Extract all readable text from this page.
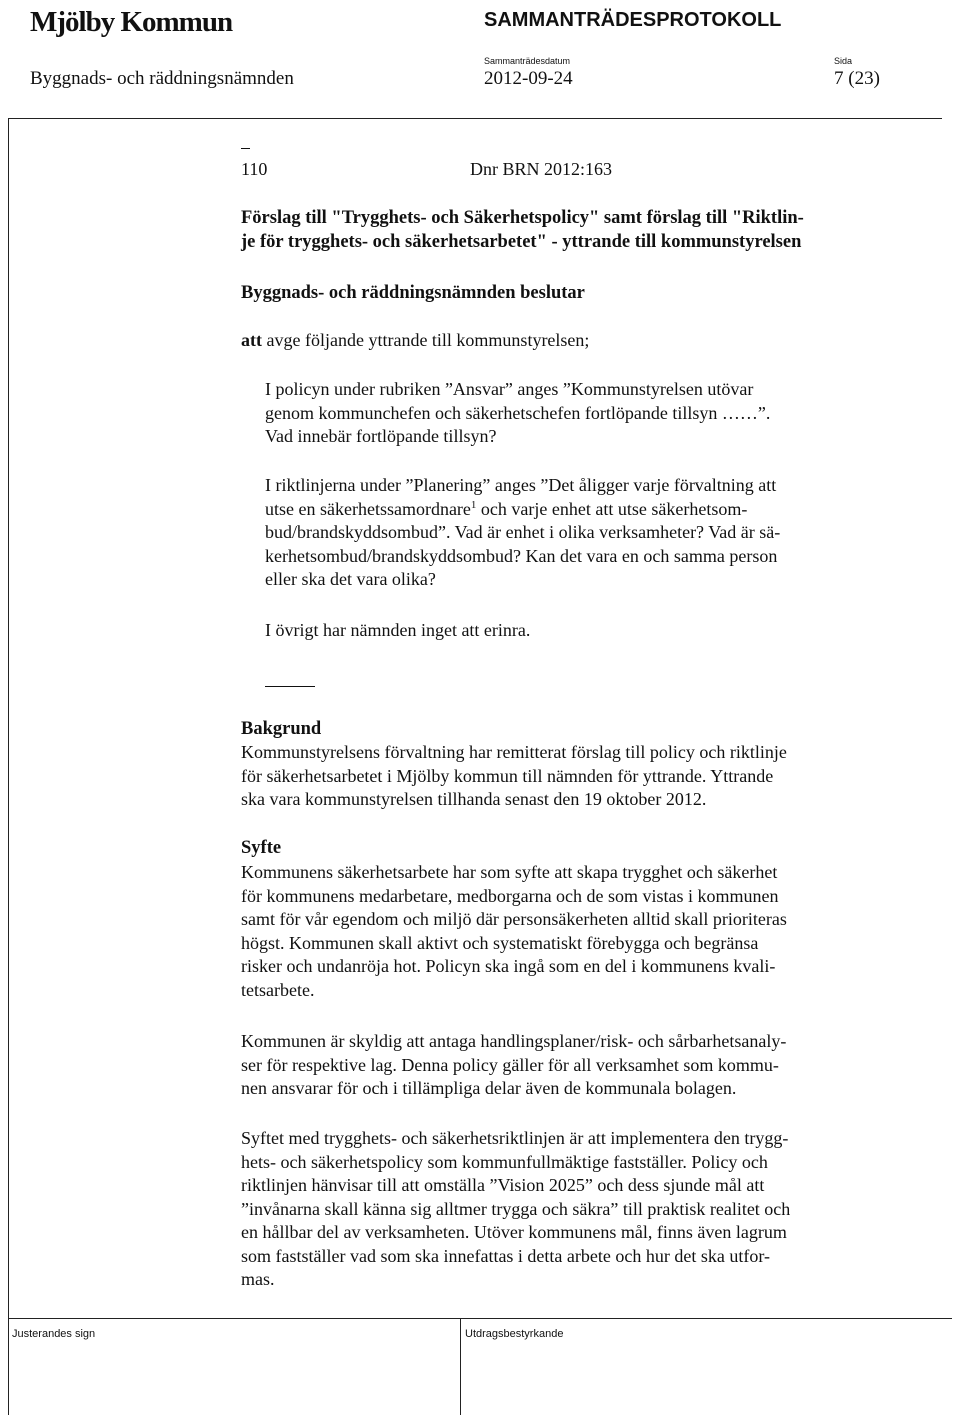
Mjölby Kommun	SAMMANTRÄDESPROTOKOLL
Sammanträdesdatum	Sida
Byggnads- och räddningsnämnden	2012-09-24	7 (23)
110	Dnr BRN 2012:163
Förslag till "Trygghets- och Säkerhetspolicy" samt förslag till "Riktlin-
je för trygghets- och säkerhetsarbetet" - yttrande till kommunstyrelsen
Byggnads- och räddningsnämnden beslutar
att avge följande yttrande till kommunstyrelsen;
I policyn under rubriken ”Ansvar” anges ”Kommunstyrelsen utövar
genom kommunchefen och säkerhetschefen fortlöpande tillsyn ……”.
Vad innebär fortlöpande tillsyn?
I riktlinjerna under ”Planering” anges ”Det åligger varje förvaltning att
utse en säkerhetssamordnare$^1$ och varje enhet att utse säkerhetsom-
bud/brandskyddsombud”. Vad är enhet i olika verksamheter? Vad är sä-
kerhetsombud/brandskyddsombud? Kan det vara en och samma person
eller ska det vara olika?
I övrigt har nämnden inget att erinra.
Bakgrund
Kommunstyrelsens förvaltning har remitterat förslag till policy och riktlinje
för säkerhetsarbetet i Mjölby kommun till nämnden för yttrande. Yttrande
ska vara kommunstyrelsen tillhanda senast den 19 oktober 2012.
Syfte
Kommunens säkerhetsarbete har som syfte att skapa trygghet och säkerhet
för kommunens medarbetare, medborgarna och de som vistas i kommunen
samt för vår egendom och miljö där personsäkerheten alltid skall prioriteras
högst. Kommunen skall aktivt och systematiskt förebygga och begränsa
risker och undanröja hot. Policyn ska ingå som en del i kommunens kvali-
tetsarbete.
Kommunen är skyldig att antaga handlingsplaner/risk- och sårbarhetsanaly-
ser för respektive lag. Denna policy gäller för all verksamhet som kommu-
nen ansvarar för och i tillämpliga delar även de kommunala bolagen.
Syftet med trygghets- och säkerhetsriktlinjen är att implementera den trygg-
hets- och säkerhetspolicy som kommunfullmäktige fastställer. Policy och
riktlinjen hänvisar till att omställa ”Vision 2025” och dess sjunde mål att
”invånarna skall känna sig alltmer trygga och säkra” till praktisk realitet och
en hållbar del av verksamheten. Utöver kommunens mål, finns även lagrum
som fastställer vad som ska innefattas i detta arbete och hur det ska utfor-
mas.
Justerandes sign	Utdragsbestyrkande
